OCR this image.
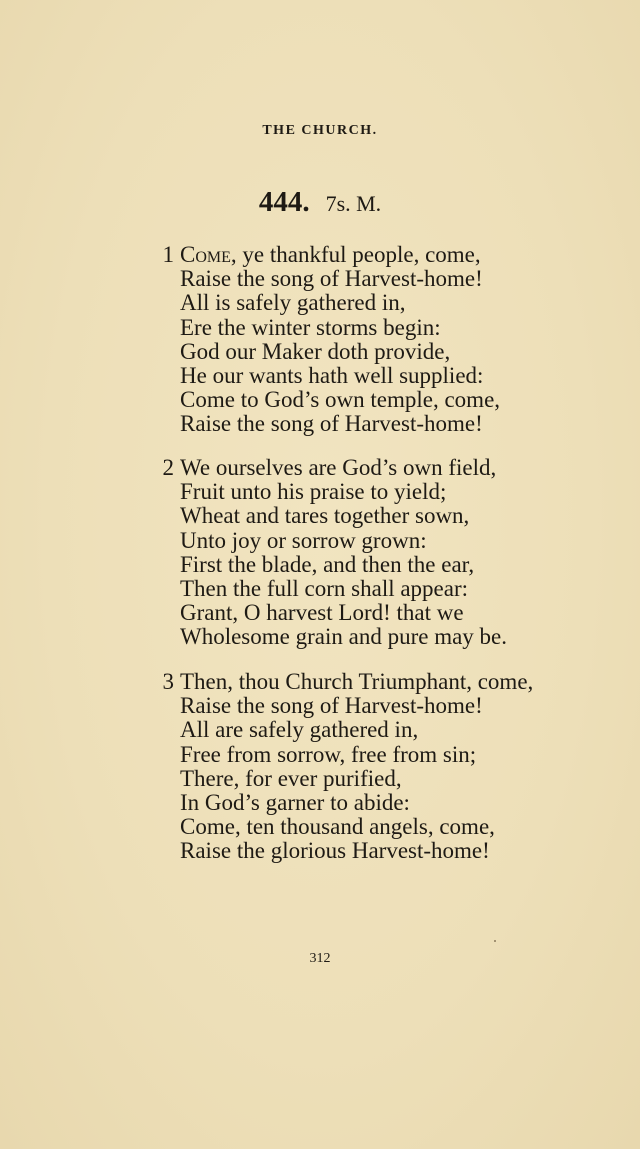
THE CHURCH.
444. 7s. M.
1 Come, ye thankful people, come,
Raise the song of Harvest-home!
All is safely gathered in,
Ere the winter storms begin:
God our Maker doth provide,
He our wants hath well supplied:
Come to God’s own temple, come,
Raise the song of Harvest-home!
2 We ourselves are God’s own field,
Fruit unto his praise to yield;
Wheat and tares together sown,
Unto joy or sorrow grown:
First the blade, and then the ear,
Then the full corn shall appear:
Grant, O harvest Lord! that we
Wholesome grain and pure may be.
3 Then, thou Church Triumphant, come,
Raise the song of Harvest-home!
All are safely gathered in,
Free from sorrow, free from sin;
There, for ever purified,
In God’s garner to abide:
Come, ten thousand angels, come,
Raise the glorious Harvest-home!
312
